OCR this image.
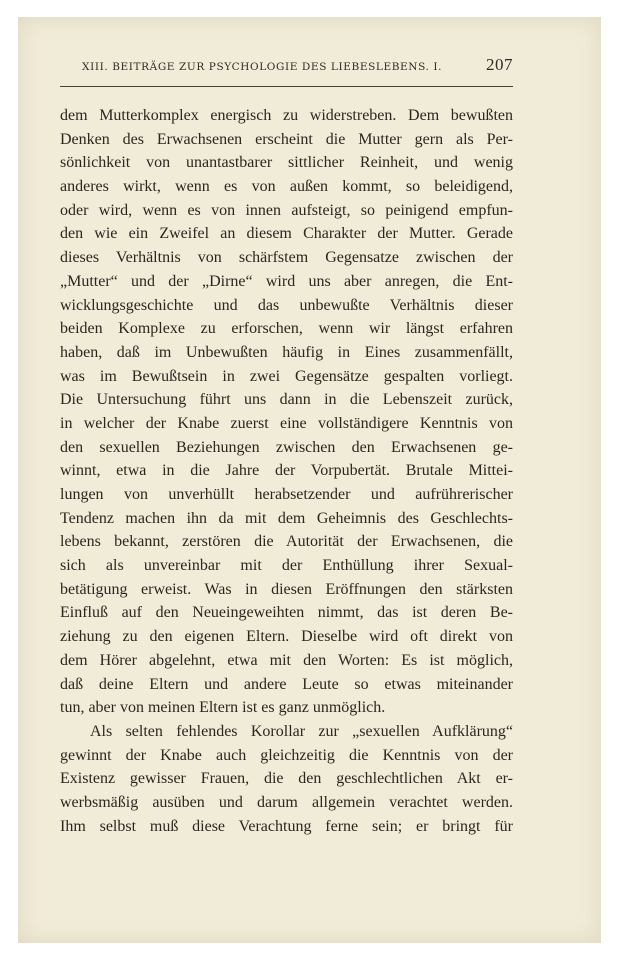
XIII. BEITRÄGE ZUR PSYCHOLOGIE DES LIEBESLEBENS. I.	207
dem Mutterkomplex energisch zu widerstreben. Dem bewußten
Denken des Erwachsenen erscheint die Mutter gern als Per-
sönlichkeit von unantastbarer sittlicher Reinheit, und wenig
anderes wirkt, wenn es von außen kommt, so beleidigend,
oder wird, wenn es von innen aufsteigt, so peinigend empfun-
den wie ein Zweifel an diesem Charakter der Mutter. Gerade
dieses Verhältnis von schärfstem Gegensatze zwischen der
„Mutter“ und der „Dirne“ wird uns aber anregen, die Ent-
wicklungsgeschichte und das unbewußte Verhältnis dieser
beiden Komplexe zu erforschen, wenn wir längst erfahren
haben, daß im Unbewußten häufig in Eines zusammenfällt,
was im Bewußtsein in zwei Gegensätze gespalten vorliegt.
Die Untersuchung führt uns dann in die Lebenszeit zurück,
in welcher der Knabe zuerst eine vollständigere Kenntnis von
den sexuellen Beziehungen zwischen den Erwachsenen ge-
winnt, etwa in die Jahre der Vorpubertät. Brutale Mittei-
lungen von unverhüllt herabsetzender und aufrührerischer
Tendenz machen ihn da mit dem Geheimnis des Geschlechts-
lebens bekannt, zerstören die Autorität der Erwachsenen, die
sich als unvereinbar mit der Enthüllung ihrer Sexual-
betätigung erweist. Was in diesen Eröffnungen den stärksten
Einfluß auf den Neueingeweihten nimmt, das ist deren Be-
ziehung zu den eigenen Eltern. Dieselbe wird oft direkt von
dem Hörer abgelehnt, etwa mit den Worten: Es ist möglich,
daß deine Eltern und andere Leute so etwas miteinander
tun, aber von meinen Eltern ist es ganz unmöglich.
Als selten fehlendes Korollar zur „sexuellen Aufklärung“
gewinnt der Knabe auch gleichzeitig die Kenntnis von der
Existenz gewisser Frauen, die den geschlechtlichen Akt er-
werbsmäßig ausüben und darum allgemein verachtet werden.
Ihm selbst muß diese Verachtung ferne sein; er bringt für
